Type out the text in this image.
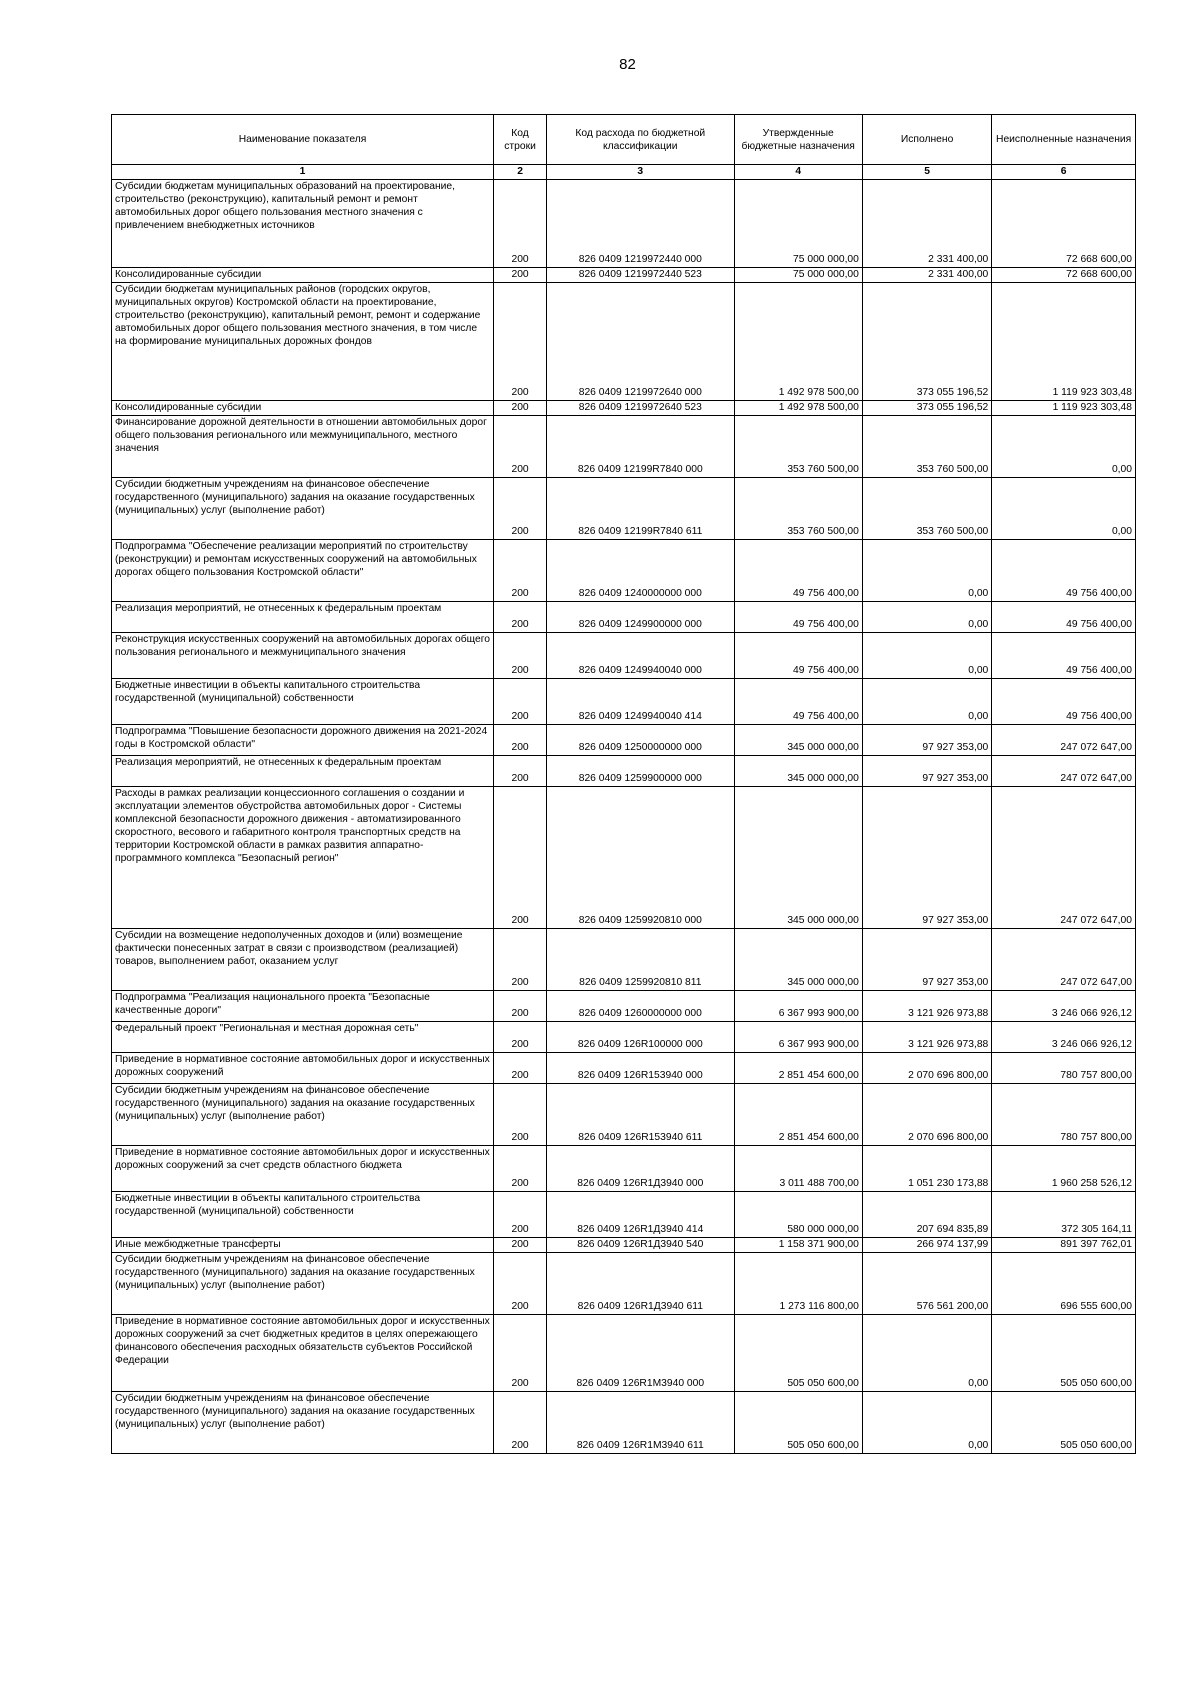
82
Наименование показателя	Код строки	Код расхода по бюджетной классификации	Утвержденные бюджетные назначения	Исполнено	Неисполненные назначения
1	2	3	4	5	6
Субсидии бюджетам муниципальных образований на проектирование, строительство (реконструкцию), капитальный ремонт и ремонт автомобильных дорог общего пользования местного значения с привлечением внебюджетных источников	200	826 0409 1219972440 000	75 000 000,00	2 331 400,00	72 668 600,00
Консолидированные субсидии	200	826 0409 1219972440 523	75 000 000,00	2 331 400,00	72 668 600,00
Субсидии бюджетам муниципальных районов (городских округов, муниципальных округов) Костромской области на проектирование, строительство (реконструкцию), капитальный ремонт, ремонт и содержание автомобильных дорог общего пользования местного значения, в том числе на формирование муниципальных дорожных фондов	200	826 0409 1219972640 000	1 492 978 500,00	373 055 196,52	1 119 923 303,48
Консолидированные субсидии	200	826 0409 1219972640 523	1 492 978 500,00	373 055 196,52	1 119 923 303,48
Финансирование дорожной деятельности в отношении автомобильных дорог общего пользования регионального или межмуниципального, местного значения	200	826 0409 12199R7840 000	353 760 500,00	353 760 500,00	0,00
Субсидии бюджетным учреждениям на финансовое обеспечение государственного (муниципального) задания на оказание государственных (муниципальных) услуг (выполнение работ)	200	826 0409 12199R7840 611	353 760 500,00	353 760 500,00	0,00
Подпрограмма "Обеспечение реализации мероприятий по строительству (реконструкции) и ремонтам искусственных сооружений на автомобильных дорогах общего пользования Костромской области"	200	826 0409 1240000000 000	49 756 400,00	0,00	49 756 400,00
Реализация мероприятий, не отнесенных к федеральным проектам	200	826 0409 1249900000 000	49 756 400,00	0,00	49 756 400,00
Реконструкция искусственных сооружений на автомобильных дорогах общего пользования регионального и межмуниципального значения	200	826 0409 1249940040 000	49 756 400,00	0,00	49 756 400,00
Бюджетные инвестиции в объекты капитального строительства государственной (муниципальной) собственности	200	826 0409 1249940040 414	49 756 400,00	0,00	49 756 400,00
Подпрограмма "Повышение безопасности дорожного движения на 2021-2024 годы в Костромской области"	200	826 0409 1250000000 000	345 000 000,00	97 927 353,00	247 072 647,00
Реализация мероприятий, не отнесенных к федеральным проектам	200	826 0409 1259900000 000	345 000 000,00	97 927 353,00	247 072 647,00
Расходы в рамках реализации концессионного соглашения о создании и эксплуатации элементов обустройства автомобильных дорог - Системы комплексной безопасности дорожного движения - автоматизированного скоростного, весового и габаритного контроля транспортных средств на территории Костромской области в рамках развития аппаратно-программного комплекса "Безопасный регион"	200	826 0409 1259920810 000	345 000 000,00	97 927 353,00	247 072 647,00
Субсидии на возмещение недополученных доходов и (или) возмещение фактически понесенных затрат в связи с производством (реализацией) товаров, выполнением работ, оказанием услуг	200	826 0409 1259920810 811	345 000 000,00	97 927 353,00	247 072 647,00
Подпрограмма "Реализация национального проекта "Безопасные качественные дороги"	200	826 0409 1260000000 000	6 367 993 900,00	3 121 926 973,88	3 246 066 926,12
Федеральный проект "Региональная и местная дорожная сеть"	200	826 0409 126R100000 000	6 367 993 900,00	3 121 926 973,88	3 246 066 926,12
Приведение в нормативное состояние автомобильных дорог и искусственных дорожных сооружений	200	826 0409 126R153940 000	2 851 454 600,00	2 070 696 800,00	780 757 800,00
Субсидии бюджетным учреждениям на финансовое обеспечение государственного (муниципального) задания на оказание государственных (муниципальных) услуг (выполнение работ)	200	826 0409 126R153940 611	2 851 454 600,00	2 070 696 800,00	780 757 800,00
Приведение в нормативное состояние автомобильных дорог и искусственных дорожных сооружений за счет средств областного бюджета	200	826 0409 126R1Д3940 000	3 011 488 700,00	1 051 230 173,88	1 960 258 526,12
Бюджетные инвестиции в объекты капитального строительства государственной (муниципальной) собственности	200	826 0409 126R1Д3940 414	580 000 000,00	207 694 835,89	372 305 164,11
Иные межбюджетные трансферты	200	826 0409 126R1Д3940 540	1 158 371 900,00	266 974 137,99	891 397 762,01
Субсидии бюджетным учреждениям на финансовое обеспечение государственного (муниципального) задания на оказание государственных (муниципальных) услуг (выполнение работ)	200	826 0409 126R1Д3940 611	1 273 116 800,00	576 561 200,00	696 555 600,00
Приведение в нормативное состояние автомобильных дорог и искусственных дорожных сооружений за счет бюджетных кредитов в целях опережающего финансового обеспечения расходных обязательств субъектов Российской Федерации	200	826 0409 126R1M3940 000	505 050 600,00	0,00	505 050 600,00
Субсидии бюджетным учреждениям на финансовое обеспечение государственного (муниципального) задания на оказание государственных (муниципальных) услуг (выполнение работ)	200	826 0409 126R1M3940 611	505 050 600,00	0,00	505 050 600,00
